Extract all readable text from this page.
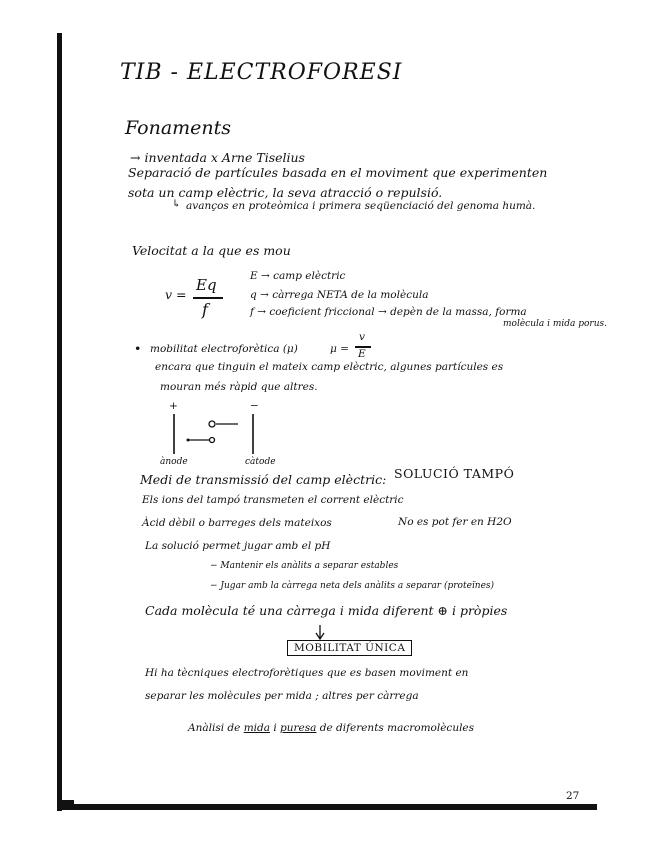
TIB - ELECTROFORESI
Fonaments
→ inventada x Arne Tiselius
Separació de partícules basada en el moviment que experimenten
sota un camp elèctric, la seva atracció o repulsió.
↳ avanços en proteòmica i primera seqüenciació del genoma humà.
Velocitat a la que es mou
v =
Eq
f
E → camp elèctric
q → càrrega NETA de la molècula
f → coeficient friccional → depèn de la massa, forma
molècula i mida porus.
• mobilitat electroforètica (μ)	μ =
v
E
encara que tinguin el mateix camp elèctric, algunes partícules es
mouran més ràpid que altres.
+	−
ànode	càtode
Medi de transmissió del camp elèctric: SOLUCIÓ TAMPÓ
Els ions del tampó transmeten el corrent elèctric
Àcid dèbil o barreges dels mateixos	No es pot fer en H2O
La solució permet jugar amb el pH
− Mantenir els anàlits a separar estables
− Jugar amb la càrrega neta dels anàlits a separar (proteïnes)
Cada molècula té una càrrega i mida diferent ⊕ i pròpies
MOBILITAT ÚNICA
Hi ha tècniques electroforètiques que es basen moviment en
separar les molècules per mida ; altres per càrrega
Anàlisi de mida i puresa de diferents macromolècules
27
